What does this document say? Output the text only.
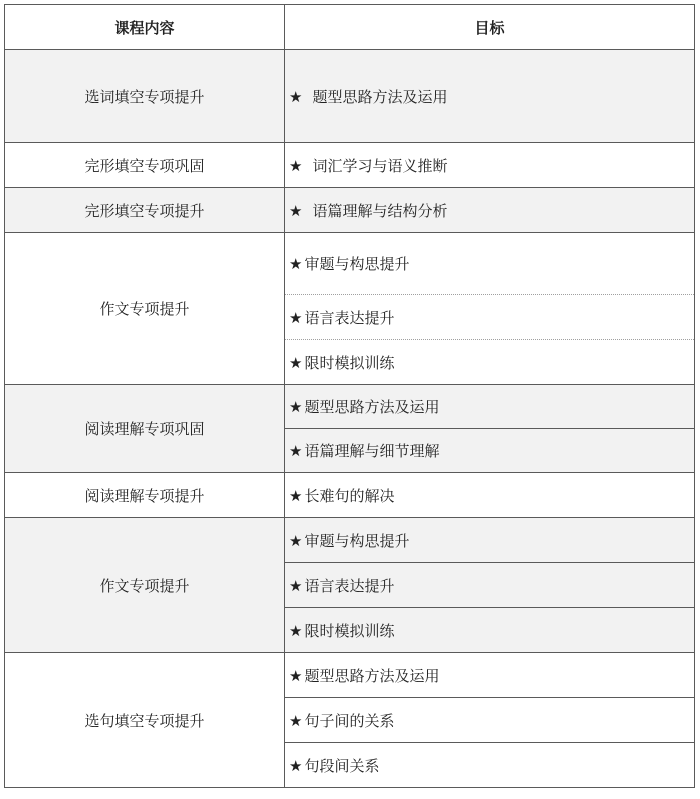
课程内容	目标
选词填空专项提升	★ 题型思路方法及运用
完形填空专项巩固	★ 词汇学习与语义推断
完形填空专项提升	★ 语篇理解与结构分析
作文专项提升	★ 审题与构思提升
	★ 语言表达提升
	★ 限时模拟训练
阅读理解专项巩固	★ 题型思路方法及运用
	★ 语篇理解与细节理解
阅读理解专项提升	★ 长难句的解决
作文专项提升	★ 审题与构思提升
	★ 语言表达提升
	★ 限时模拟训练
选句填空专项提升	★ 题型思路方法及运用
	★ 句子间的关系
	★ 句段间关系
